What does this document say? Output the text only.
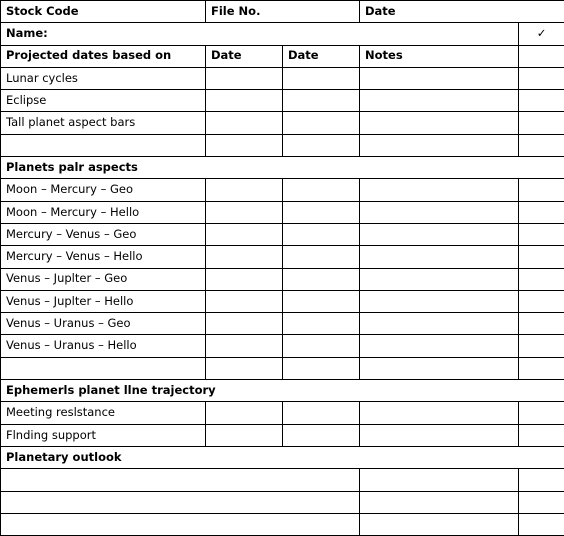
Stock Code	File No.		Date	
Name:				✓
Projected dates based on	Date	Date	Notes	
Lunar cycles				
Eclipse				
Tall planet aspect bars				

Planets palr aspects				
Moon – Mercury – Geo				
Moon – Mercury – Hello				
Mercury – Venus – Geo				
Mercury – Venus – Hello				
Venus – Juplter – Geo				
Venus – Juplter – Hello				
Venus – Uranus – Geo				
Venus – Uranus – Hello				

Ephemerls planet llne trajectory				
Meeting reslstance				
Flnding support				
Planetary outlook				
